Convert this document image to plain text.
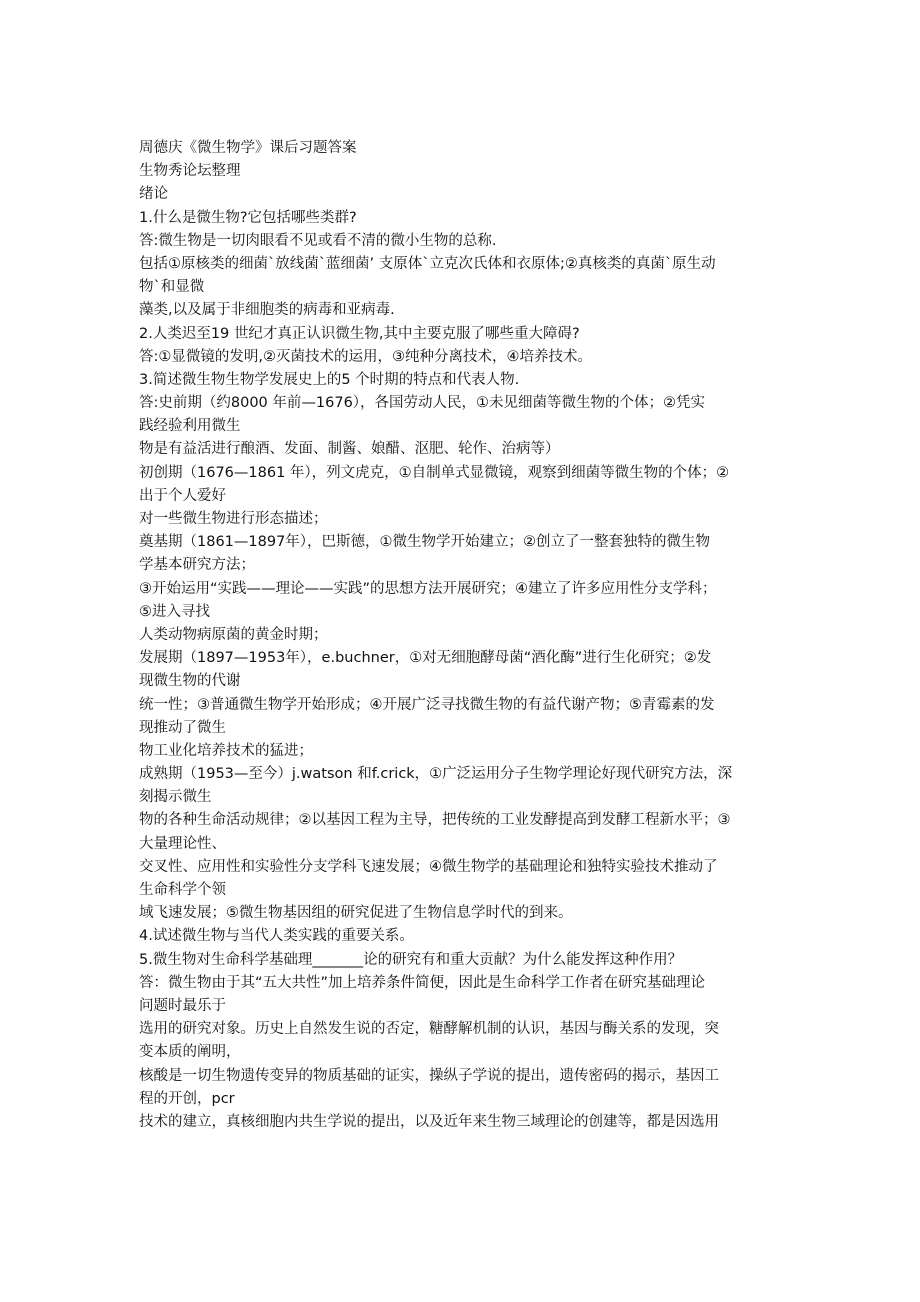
周德庆《微生物学》课后习题答案
生物秀论坛整理
绪论
1.什么是微生物?它包括哪些类群?
答:微生物是一切肉眼看不见或看不清的微小生物的总称.
包括①原核类的细菌`放线菌`蓝细菌’ 支原体`立克次氏体和衣原体;②真核类的真菌`原生动
物`和显微
藻类,以及属于非细胞类的病毒和亚病毒.
2.人类迟至19 世纪才真正认识微生物,其中主要克服了哪些重大障碍?
答:①显微镜的发明,②灭菌技术的运用，③纯种分离技术，④培养技术。
3.简述微生物生物学发展史上的5 个时期的特点和代表人物.
答:史前期（约8000 年前—1676），各国劳动人民，①未见细菌等微生物的个体；②凭实
践经验利用微生
物是有益活进行酿酒、发面、制酱、娘醋、沤肥、轮作、治病等）
初创期（1676—1861 年），列文虎克，①自制单式显微镜，观察到细菌等微生物的个体；②
出于个人爱好
对一些微生物进行形态描述；
奠基期（1861—1897年），巴斯德，①微生物学开始建立；②创立了一整套独特的微生物
学基本研究方法；
③开始运用“实践——理论——实践”的思想方法开展研究；④建立了许多应用性分支学科；
⑤进入寻找
人类动物病原菌的黄金时期；
发展期（1897—1953年），e.buchner，①对无细胞酵母菌“酒化酶”进行生化研究；②发
现微生物的代谢
统一性；③普通微生物学开始形成；④开展广泛寻找微生物的有益代谢产物；⑤青霉素的发
现推动了微生
物工业化培养技术的猛进；
成熟期（1953—至今）j.watson 和f.crick，①广泛运用分子生物学理论好现代研究方法，深
刻揭示微生
物的各种生命活动规律；②以基因工程为主导，把传统的工业发酵提高到发酵工程新水平；③
大量理论性、
交叉性、应用性和实验性分支学科飞速发展；④微生物学的基础理论和独特实验技术推动了
生命科学个领
域飞速发展；⑤微生物基因组的研究促进了生物信息学时代的到来。
4.试述微生物与当代人类实践的重要关系。
5.微生物对生命科学基础理_______论的研究有和重大贡献？为什么能发挥这种作用？
答：微生物由于其“五大共性”加上培养条件简便，因此是生命科学工作者在研究基础理论
问题时最乐于
选用的研究对象。历史上自然发生说的否定，糖酵解机制的认识，基因与酶关系的发现，突
变本质的阐明，
核酸是一切生物遗传变异的物质基础的证实，操纵子学说的提出，遗传密码的揭示，基因工
程的开创，pcr
技术的建立，真核细胞内共生学说的提出，以及近年来生物三域理论的创建等，都是因选用
